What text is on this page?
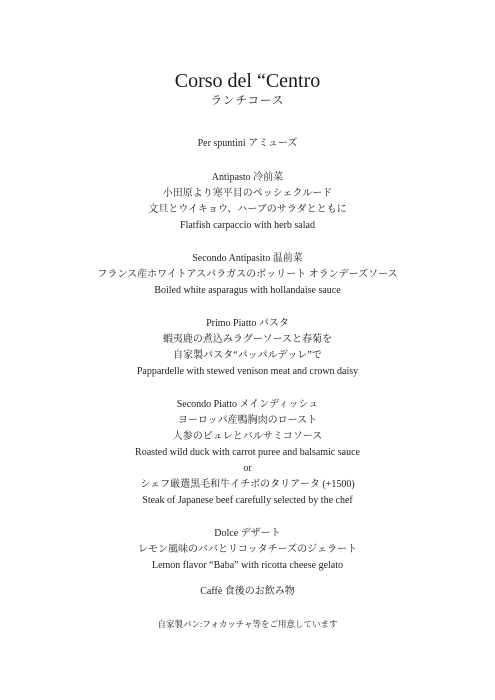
Corso del “Centro
ランチコース
Per spuntini アミューズ
Antipasto 冷前菜
小田原より寒平目のペッシェクルード
文旦とウイキョウ、ハーブのサラダとともに
Flatfish carpaccio with herb salad
Secondo Antipasito 温前菜
フランス産ホワイトアスパラガスのボッリート オランデーズソース
Boiled white asparagus with hollandaise sauce
Primo Piatto パスタ
蝦夷鹿の煮込みラグーソースと春菊を
自家製パスタ“パッパルデッレ”で
Pappardelle with stewed venison meat and crown daisy
Secondo Piatto メインディッシュ
ヨーロッパ産鴨胸肉のロースト
人参のピュレとバルサミコソース
Roasted wild duck with carrot puree and balsamic sauce
or
シェフ厳選黒毛和牛イチボのタリアータ (+1500)
Steak of Japanese beef carefully selected by the chef
Dolce デザート
レモン風味のババとリコッタチーズのジェラート
Lemon flavor “Baba” with ricotta cheese gelato
Caffè 食後のお飲み物
自家製パン:フォカッチャ等をご用意しています
